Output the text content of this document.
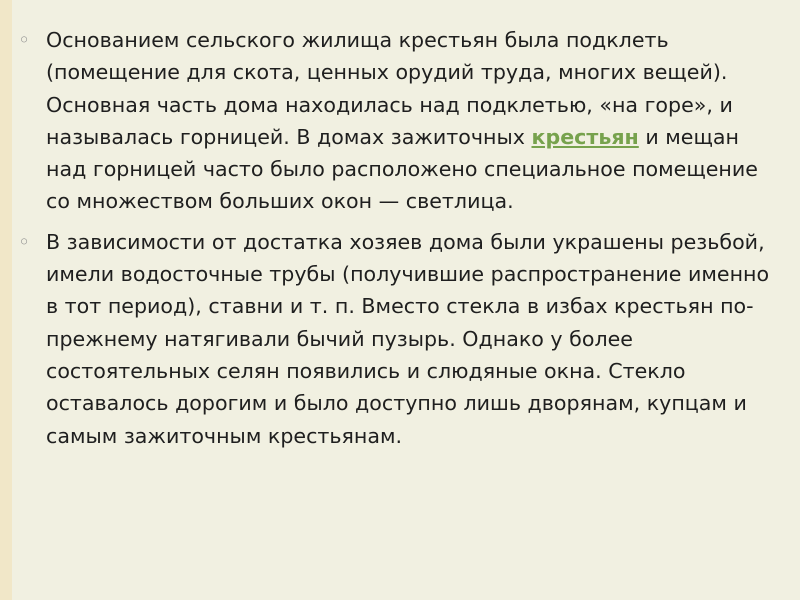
◦ Основанием сельского жилища крестьян была подклеть (помещение для скота, ценных орудий труда, многих вещей). Основная часть дома находилась над подклетью, «на горе», и называлась горницей. В домах зажиточных крестьян и мещан над горницей часто было расположено специальное помещение со множеством больших окон — светлица.

◦ В зависимости от достатка хозяев дома были украшены резьбой, имели водосточные трубы (получившие распространение именно в тот период), ставни и т. п. Вместо стекла в избах крестьян по-прежнему натягивали бычий пузырь. Однако у более состоятельных селян появились и слюдяные окна. Стекло оставалось дорогим и было доступно лишь дворянам, купцам и самым зажиточным крестьянам.
